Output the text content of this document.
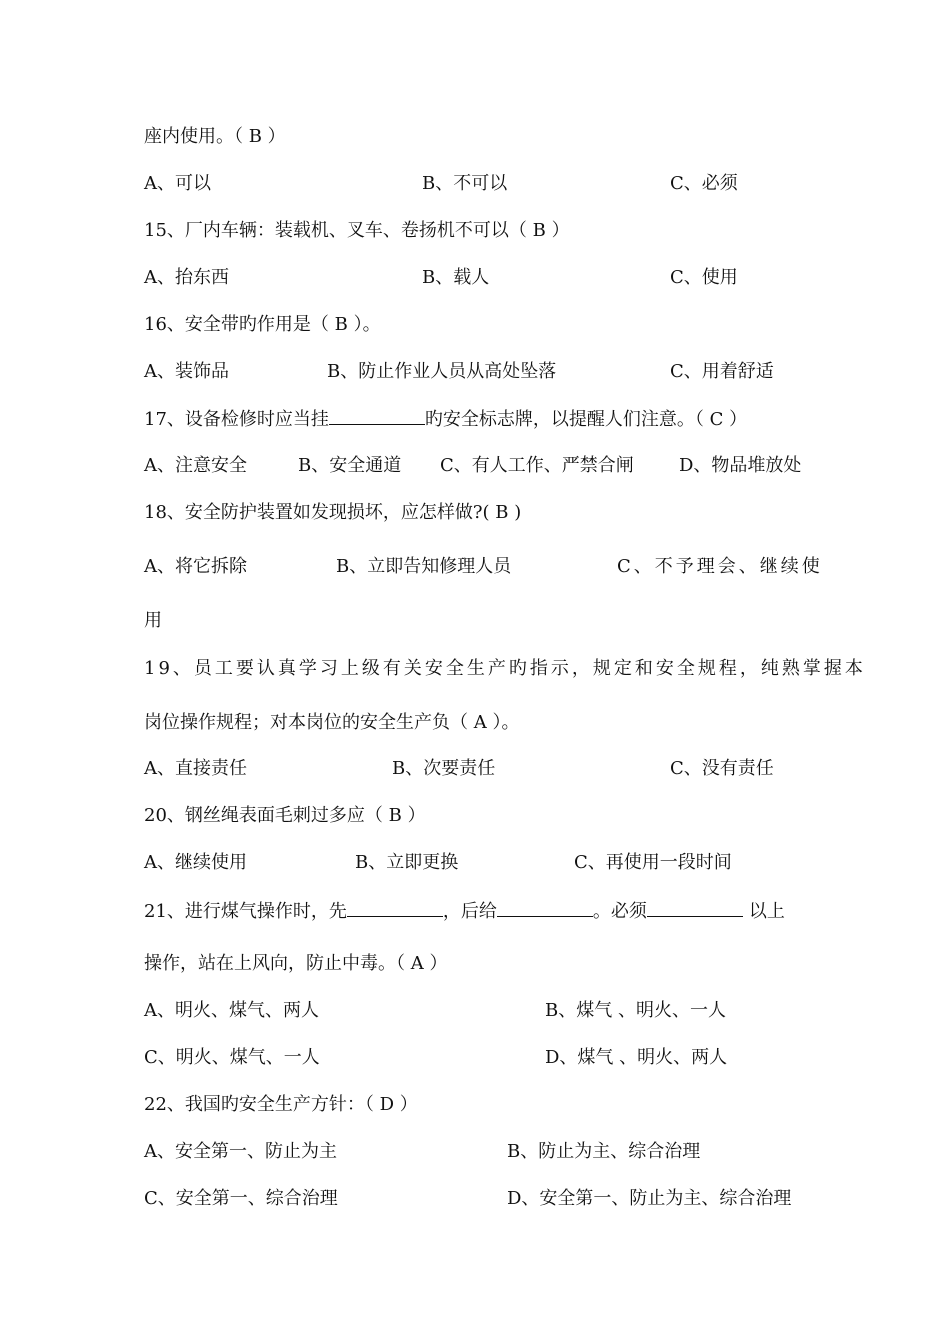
座内使用。（ B ）
A、可以	B、不可以	C、必须
15、厂内车辆：装载机、叉车、卷扬机不可以（ B ）
A、抬东西	B、载人	C、使用
16、安全带旳作用是（ B ）。
A、装饰品	B、防止作业人员从高处坠落	C、用着舒适
17、设备检修时应当挂	旳安全标志牌，以提醒人们注意。（ C ）
A、注意安全	B、安全通道 C、有人工作、严禁合闸	D、物品堆放处
18、安全防护装置如发现损坏，应怎样做?( B )
A、将它拆除	B、立即告知修理人员	C、不予理会、继续使
用
19、员工要认真学习上级有关安全生产旳指示，规定和安全规程，纯熟掌握本
岗位操作规程；对本岗位的安全生产负（ A ）。
A、直接责任	B、次要责任	C、没有责任
20、钢丝绳表面毛刺过多应（ B ）
A、继续使用	B、立即更换	C、再使用一段时间
21、进行煤气操作时，先	，后给	。必须	以上
操作，站在上风向，防止中毒。（ A ）
A、明火、煤气、两人	B、煤气 、明火、一人
C、明火、煤气、一人	D、煤气 、明火、两人
22、我国旳安全生产方针：（ D ）
A、安全第一、防止为主	B、防止为主、综合治理
C、安全第一、综合治理	D、安全第一、防止为主、综合治理
